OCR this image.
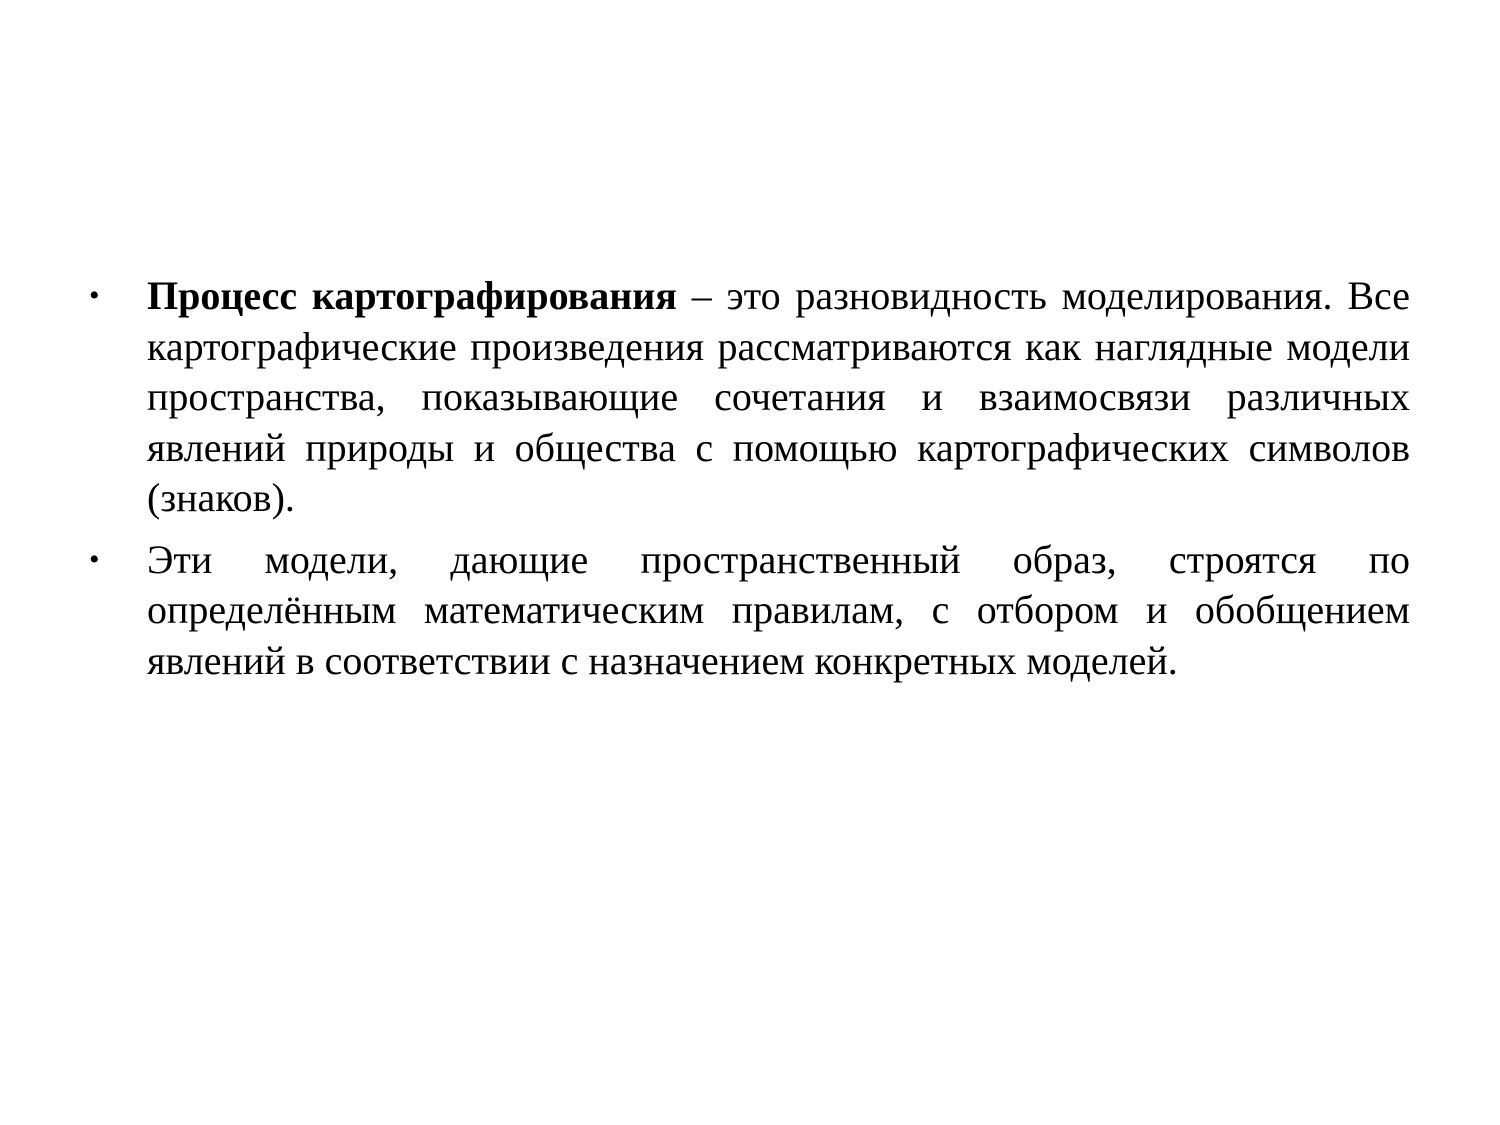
• Процесс картографирования – это разновидность моделирования. Все картографические произведения рассматриваются как наглядные модели пространства, показывающие сочетания и взаимосвязи различных явлений природы и общества с помощью картографических символов (знаков).
• Эти модели, дающие пространственный образ, строятся по определённым математическим правилам, с отбором и обобщением явлений в соответствии с назначением конкретных моделей.
